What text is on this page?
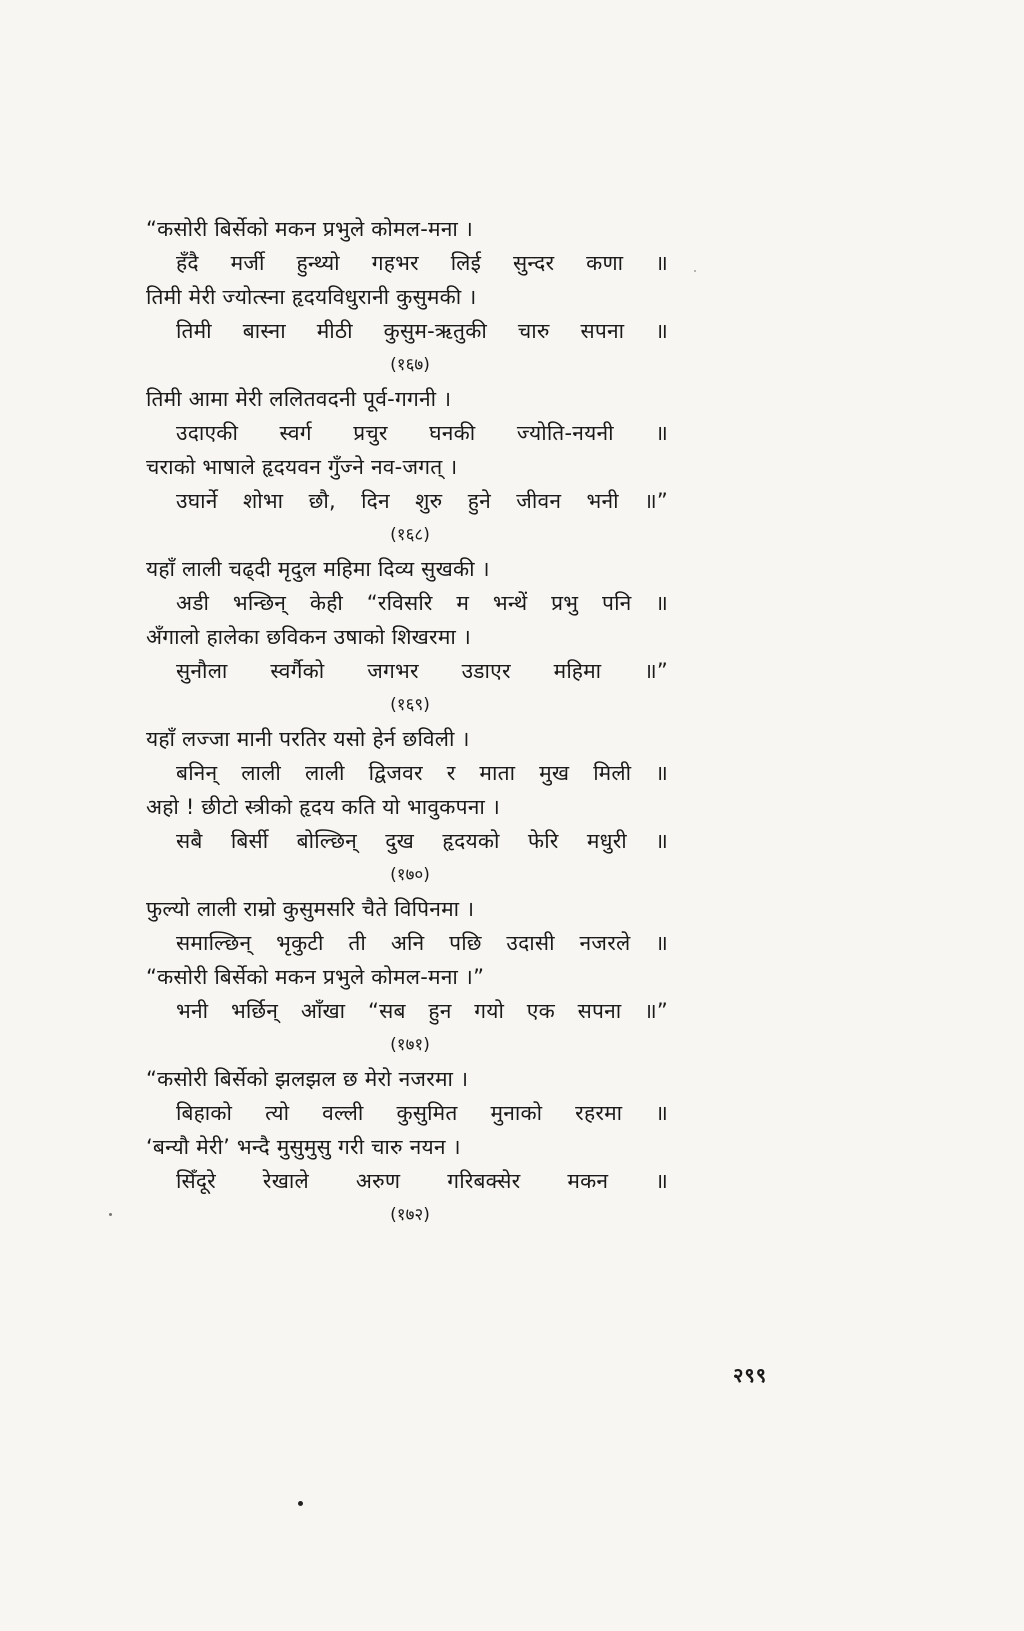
“कसोरी बिर्सेको मकन प्रभुले कोमल-मना ।
हँदै मर्जी हुन्थ्यो गहभर लिई सुन्दर कणा ॥
तिमी मेरी ज्योत्स्ना हृदयविधुरानी कुसुमकी ।
तिमी बास्ना मीठी कुसुम-ऋतुकी चारु सपना ॥
(१६७)
तिमी आमा मेरी ललितवदनी पूर्व-गगनी ।
उदाएकी स्वर्ग प्रचुर घनकी ज्योति-नयनी ॥
चराको भाषाले हृदयवन गुँज्ने नव-जगत् ।
उघार्ने शोभा छौ, दिन शुरु हुने जीवन भनी ॥”
(१६८)
यहाँ लाली चढ्दी मृदुल महिमा दिव्य सुखकी ।
अडी भन्छिन् केही “रविसरि म भन्थें प्रभु पनि ॥
अँगालो हालेका छविकन उषाको शिखरमा ।
सुनौला स्वर्गैको जगभर उडाएर महिमा ॥”
(१६९)
यहाँ लज्जा मानी परतिर यसो हेर्न छविली ।
बनिन् लाली लाली द्विजवर र माता मुख मिली ॥
अहो ! छीटो स्त्रीको हृदय कति यो भावुकपना ।
सबै बिर्सी बोल्छिन् दुख हृदयको फेरि मधुरी ॥
(१७०)
फुल्यो लाली राम्रो कुसुमसरि चैते विपिनमा ।
समाल्छिन् भृकुटी ती अनि पछि उदासी नजरले ॥
“कसोरी बिर्सेको मकन प्रभुले कोमल-मना ।”
भनी भर्छिन् आँखा “सब हुन गयो एक सपना ॥”
(१७१)
“कसोरी बिर्सेको झलझल छ मेरो नजरमा ।
बिहाको त्यो वल्ली कुसुमित मुनाको रहरमा ॥
‘बन्यौ मेरी’ भन्दै मुसुमुसु गरी चारु नयन ।
सिँदूरे रेखाले अरुण गरिबक्सेर मकन ॥
(१७२)
२९९
